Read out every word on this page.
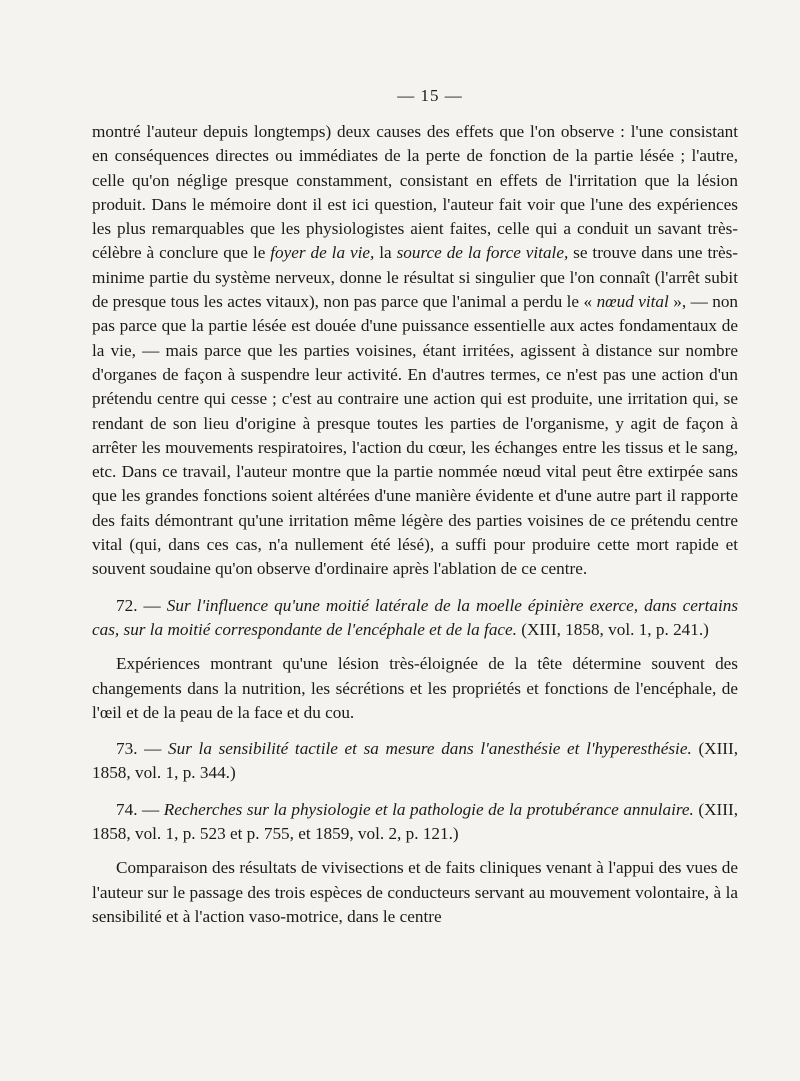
— 15 —

montré l'auteur depuis longtemps) deux causes des effets que l'on observe : l'une consistant en conséquences directes ou immédiates de la perte de fonction de la partie lésée ; l'autre, celle qu'on néglige presque constamment, consistant en effets de l'irritation que la lésion produit. Dans le mémoire dont il est ici question, l'auteur fait voir que l'une des expériences les plus remarquables que les physiologistes aient faites, celle qui a conduit un savant très-célèbre à conclure que le foyer de la vie, la source de la force vitale, se trouve dans une très-minime partie du système nerveux, donne le résultat si singulier que l'on connaît (l'arrêt subit de presque tous les actes vitaux), non pas parce que l'animal a perdu le « nœud vital », — non pas parce que la partie lésée est douée d'une puissance essentielle aux actes fondamentaux de la vie, — mais parce que les parties voisines, étant irritées, agissent à distance sur nombre d'organes de façon à suspendre leur activité. En d'autres termes, ce n'est pas une action d'un prétendu centre qui cesse ; c'est au contraire une action qui est produite, une irritation qui, se rendant de son lieu d'origine à presque toutes les parties de l'organisme, y agit de façon à arrêter les mouvements respiratoires, l'action du cœur, les échanges entre les tissus et le sang, etc. Dans ce travail, l'auteur montre que la partie nommée nœud vital peut être extirpée sans que les grandes fonctions soient altérées d'une manière évidente et d'une autre part il rapporte des faits démontrant qu'une irritation même légère des parties voisines de ce prétendu centre vital (qui, dans ces cas, n'a nullement été lésé), a suffi pour produire cette mort rapide et souvent soudaine qu'on observe d'ordinaire après l'ablation de ce centre.

72. — Sur l'influence qu'une moitié latérale de la moelle épinière exerce, dans certains cas, sur la moitié correspondante de l'encéphale et de la face. (XIII, 1858, vol. 1, p. 241.)

Expériences montrant qu'une lésion très-éloignée de la tête détermine souvent des changements dans la nutrition, les sécrétions et les propriétés et fonctions de l'encéphale, de l'œil et de la peau de la face et du cou.

73. — Sur la sensibilité tactile et sa mesure dans l'anesthésie et l'hyperesthésie. (XIII, 1858, vol. 1, p. 344.)

74. — Recherches sur la physiologie et la pathologie de la protubérance annulaire. (XIII, 1858, vol. 1, p. 523 et p. 755, et 1859, vol. 2, p. 121.)

Comparaison des résultats de vivisections et de faits cliniques venant à l'appui des vues de l'auteur sur le passage des trois espèces de conducteurs servant au mouvement volontaire, à la sensibilité et à l'action vaso-motrice, dans le centre
